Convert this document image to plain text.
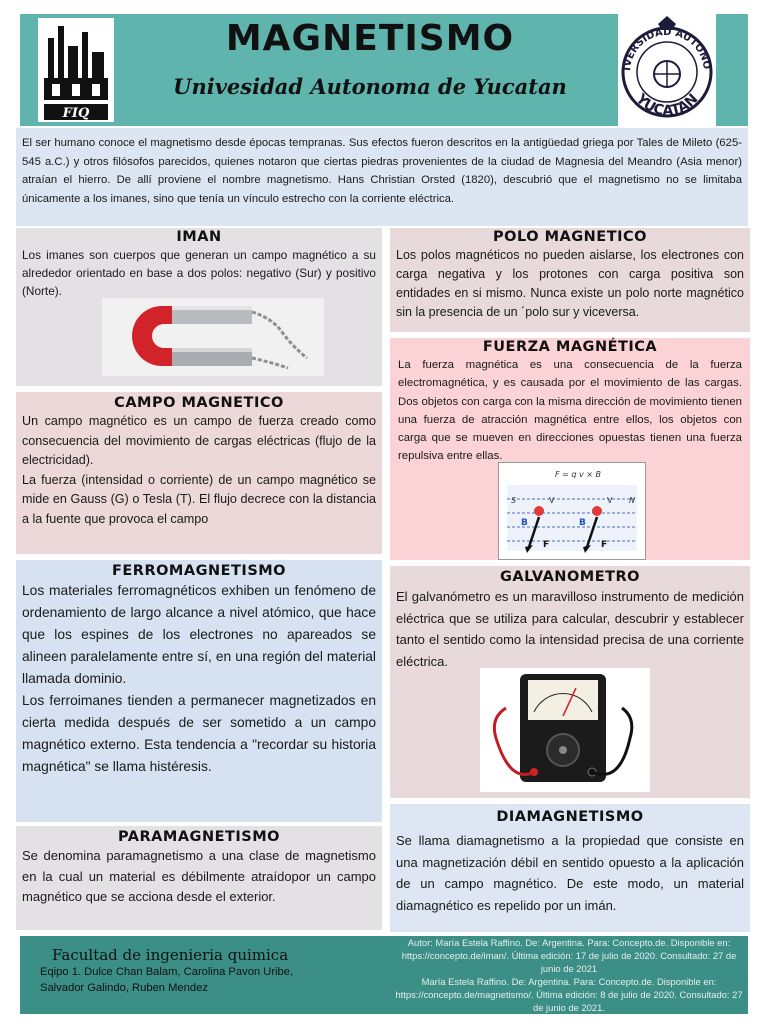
FIQ
MAGNETISMO
Univesidad Autonoma de Yucatan
IVERSIDAD AUTONO
YUCATAN
El ser humano conoce el magnetismo desde épocas tempranas. Sus efectos fueron descritos en la antigüedad griega por Tales de Mileto (625-545 a.C.) y otros filósofos parecidos, quienes notaron que ciertas piedras provenientes de la ciudad de Magnesia del Meandro (Asia menor) atraían el hierro. De allí proviene el nombre magnetismo. Hans Christian Orsted (1820), descubrió que el magnetismo no se limitaba únicamente a los imanes, sino que tenía un vínculo estrecho con la corriente eléctrica.
IMAN

Los imanes son cuerpos que generan un campo magnético a su alrededor orientado en base a dos polos: negativo (Sur) y positivo (Norte).

POLO MAGNETICO

Los polos magnéticos no pueden aislarse, los electrones con carga negativa y los protones con carga positiva son entidades en si mismo. Nunca existe un polo norte magnético sin la presencia de un ´polo sur y viceversa.

FUERZA MAGNÉTICA

La fuerza magnética es una consecuencia de la fuerza electromagnética, y es causada por el movimiento de las cargas. Dos objetos con carga con la misma dirección de movimiento tienen una fuerza de atracción magnética entre ellos, los objetos con carga que se mueven en direcciones opuestas tienen una fuerza repulsiva entre ellas.

S	N
F = q v × B
B	B
V	V
F	F
CAMPO MAGNETICO

Un campo magnético es un campo de fuerza creado como consecuencia del movimiento de cargas eléctricas (flujo de la electricidad).

La fuerza (intensidad o corriente) de un campo magnético se mide en Gauss (G) o Tesla (T). El flujo decrece con la distancia a la fuente que provoca el campo

FERROMAGNETISMO

Los materiales ferromagnéticos exhiben un fenómeno de ordenamiento de largo alcance a nivel atómico, que hace que los espines de los electrones no apareados se alineen paralelamente entre sí, en una región del material llamada dominio.

Los ferroimanes tienden a permanecer magnetizados en cierta medida después de ser sometido a un campo magnético externo. Esta tendencia a "recordar su historia magnética" se llama histéresis.

GALVANOMETRO

El galvanómetro es un maravilloso instrumento de medición eléctrica que se utiliza para calcular, descubrir y establecer tanto el sentido como la intensidad precisa de una corriente eléctrica.

PARAMAGNETISMO

Se denomina paramagnetismo a una clase de magnetismo en la cual un material es débilmente atraídopor un campo magnético que se acciona desde el exterior.

DIAMAGNETISMO

Se llama diamagnetismo a la propiedad que consiste en una magnetización débil en sentido opuesto a la aplicación de un campo magnético. De este modo, un material diamagnético es repelido por un imán.

Facultad de ingenieria quimica
Eqipo 1. Dulce Chan Balam, Carolina Pavon Uribe, Salvador Galindo, Ruben Mendez
Autor: María Estela Raffino. De: Argentina. Para: Concepto.de. Disponible en: https://concepto.de/iman/. Última edición: 17 de julio de 2020. Consultado: 27 de junio de 2021
María Estela Raffino. De: Argentina. Para: Concepto.de. Disponible en: https://concepto.de/magnetismo/. Última edición: 8 de julio de 2020. Consultado: 27 de junio de 2021.
